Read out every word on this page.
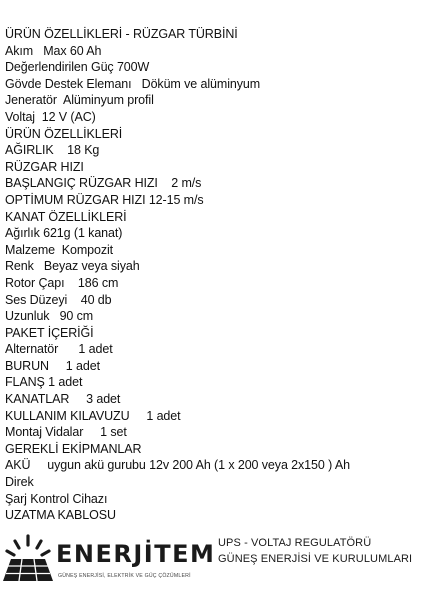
ÜRÜN ÖZELLİKLERİ - RÜZGAR TÜRBİNİ
Akım   Max 60 Ah
Değerlendirilen Güç 700W
Gövde Destek Elemanı   Döküm ve alüminyum
Jeneratör  Alüminyum profil
Voltaj  12 V (AC)
ÜRÜN ÖZELLİKLERİ
AĞIRLIK    18 Kg
RÜZGAR HIZI
BAŞLANGIÇ RÜZGAR HIZI    2 m/s
OPTİMUM RÜZGAR HIZI 12-15 m/s
KANAT ÖZELLİKLERİ
Ağırlık 621g (1 kanat)
Malzeme  Kompozit
Renk   Beyaz veya siyah
Rotor Çapı    186 cm
Ses Düzeyi    40 db
Uzunluk   90 cm
PAKET İÇERİĞİ
Alternatör      1 adet
BURUN     1 adet
FLANŞ 1 adet
KANATLAR     3 adet
KULLANIM KILAVUZU     1 adet
Montaj Vidalar     1 set
GEREKLİ EKİPMANLAR
AKÜ     uygun akü gurubu 12v 200 Ah (1 x 200 veya 2x150 ) Ah
Direk
Şarj Kontrol Cihazı
UZATMA KABLOSU
ENERJİTEM
GÜNEŞ ENERJİSİ, ELEKTRİK VE GÜÇ ÇÖZÜMLERİ
UPS - VOLTAJ REGULATÖRÜ
GÜNEŞ ENERJİSİ VE KURULUMLARI
